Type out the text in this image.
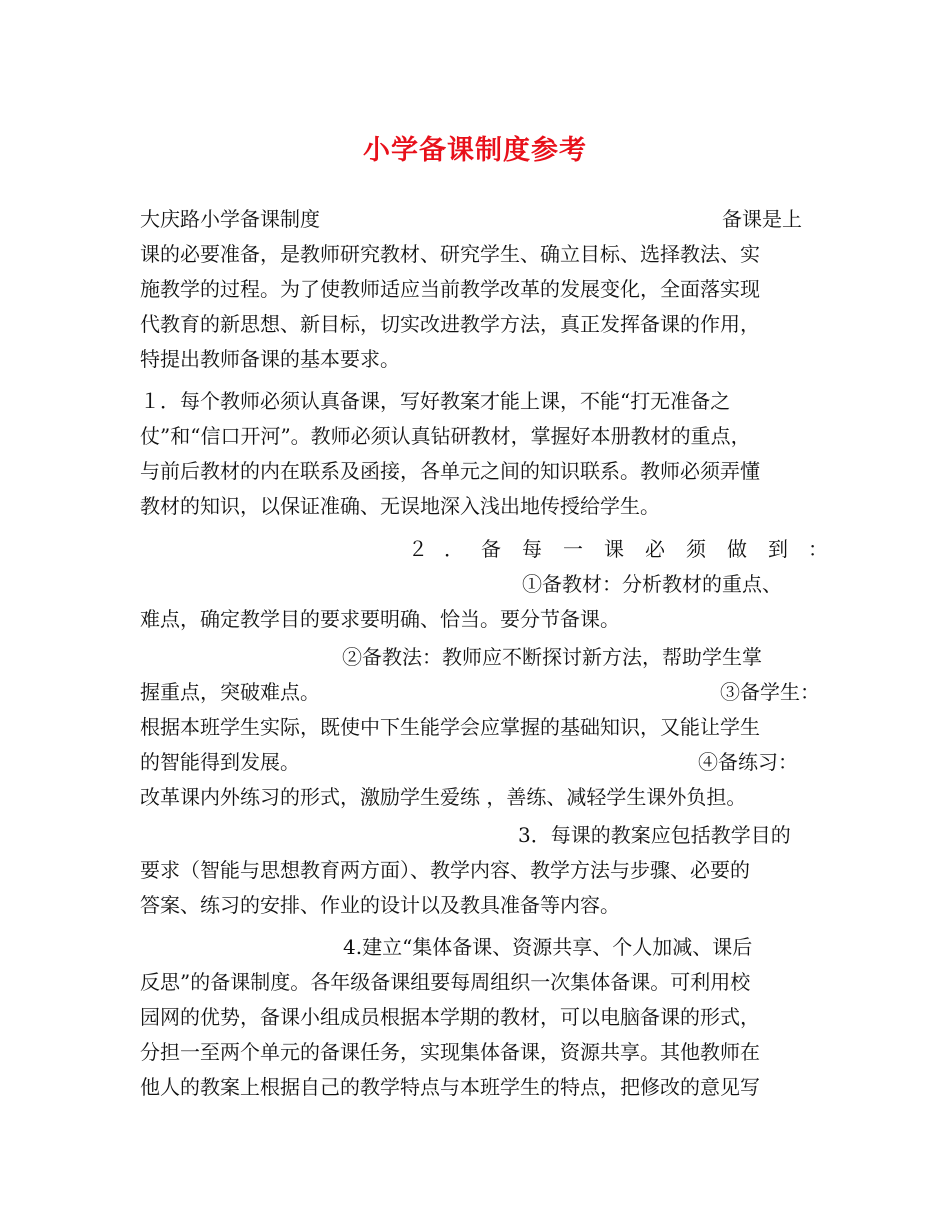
小学备课制度参考
大庆路小学备课制度	备课是上
课的必要准备，是教师研究教材、研究学生、确立目标、选择教法、实
施教学的过程。为了使教师适应当前教学改革的发展变化，全面落实现
代教育的新思想、新目标，切实改进教学方法，真正发挥备课的作用，
特提出教师备课的基本要求。
１．每个教师必须认真备课，写好教案才能上课，不能“打无准备之
仗”和“信口开河”。教师必须认真钻研教材，掌握好本册教材的重点，
与前后教材的内在联系及函接，各单元之间的知识联系。教师必须弄懂
教材的知识，以保证准确、无误地深入浅出地传授给学生。
２ ． 备 每 一 课 必 须 做 到 ：
①备教材：分析教材的重点、
难点，确定教学目的要求要明确、恰当。要分节备课。
②备教法：教师应不断探讨新方法，帮助学生掌
握重点，突破难点。	③备学生：
根据本班学生实际，既使中下生能学会应掌握的基础知识，又能让学生
的智能得到发展。	④备练习：
改革课内外练习的形式，激励学生爱练 ，善练、减轻学生课外负担。
3．每课的教案应包括教学目的
要求（智能与思想教育两方面）、教学内容、教学方法与步骤、必要的
答案、练习的安排、作业的设计以及教具准备等内容。
4.建立“集体备课、资源共享、个人加减、课后
反思”的备课制度。各年级备课组要每周组织一次集体备课。可利用校
园网的优势，备课小组成员根据本学期的教材，可以电脑备课的形式，
分担一至两个单元的备课任务，实现集体备课，资源共享。其他教师在
他人的教案上根据自己的教学特点与本班学生的特点，把修改的意见写
